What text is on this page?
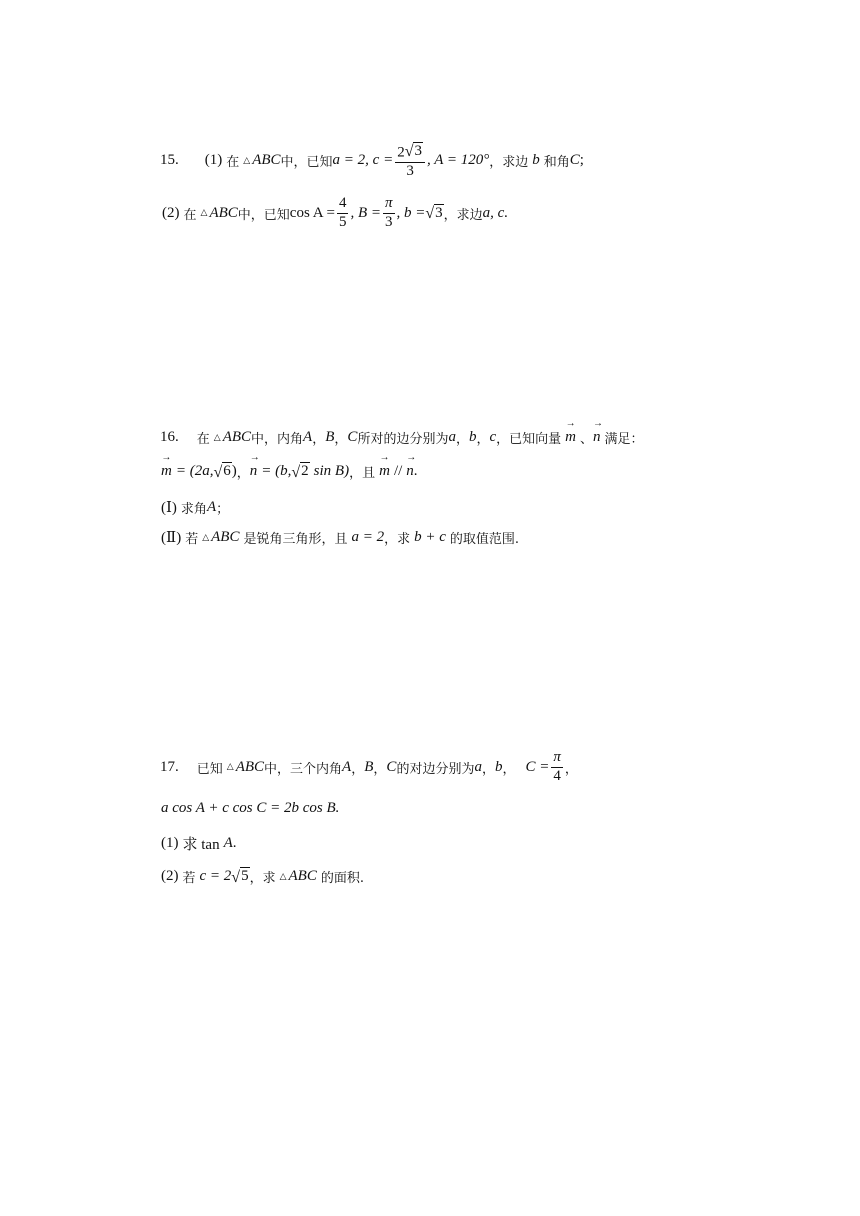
15. (1) 在 △ ABC 中，已知 a = 2, $c = \frac{2 √ 3}{3}$ , A = 120° ，求边 b 和角 C ;
(2) 在 △ ABC 中，已知 $\cos A = \frac{4}{5}$ , $B = \frac{\pi}{3}$ , b = √ 3 ，求边 a, c.
16. 在 △ ABC 中，内角 A ， B ， C 所对的边分别为 a ， b ， c ，已知向量 → m 、 → n 满足：
→ m = (2a, √ 6 ) ， → n = (b, √ 2 sin B) ，且 → m // → n .
(Ⅰ) 求角 A ；
(Ⅱ) 若 △ ABC 是锐角三角形，且 a = 2 ，求 b + c 的取值范围.
17. 已知 △ ABC 中，三个内角 A ， B ， C 的对边分别为 a ， b ， $C = \frac{\pi}{4}$ ，
a cos A + c cos C = 2b cos B.
(1) 求 tan A .
(2) 若 c = 2 √ 5 ，求 △ ABC 的面积.
